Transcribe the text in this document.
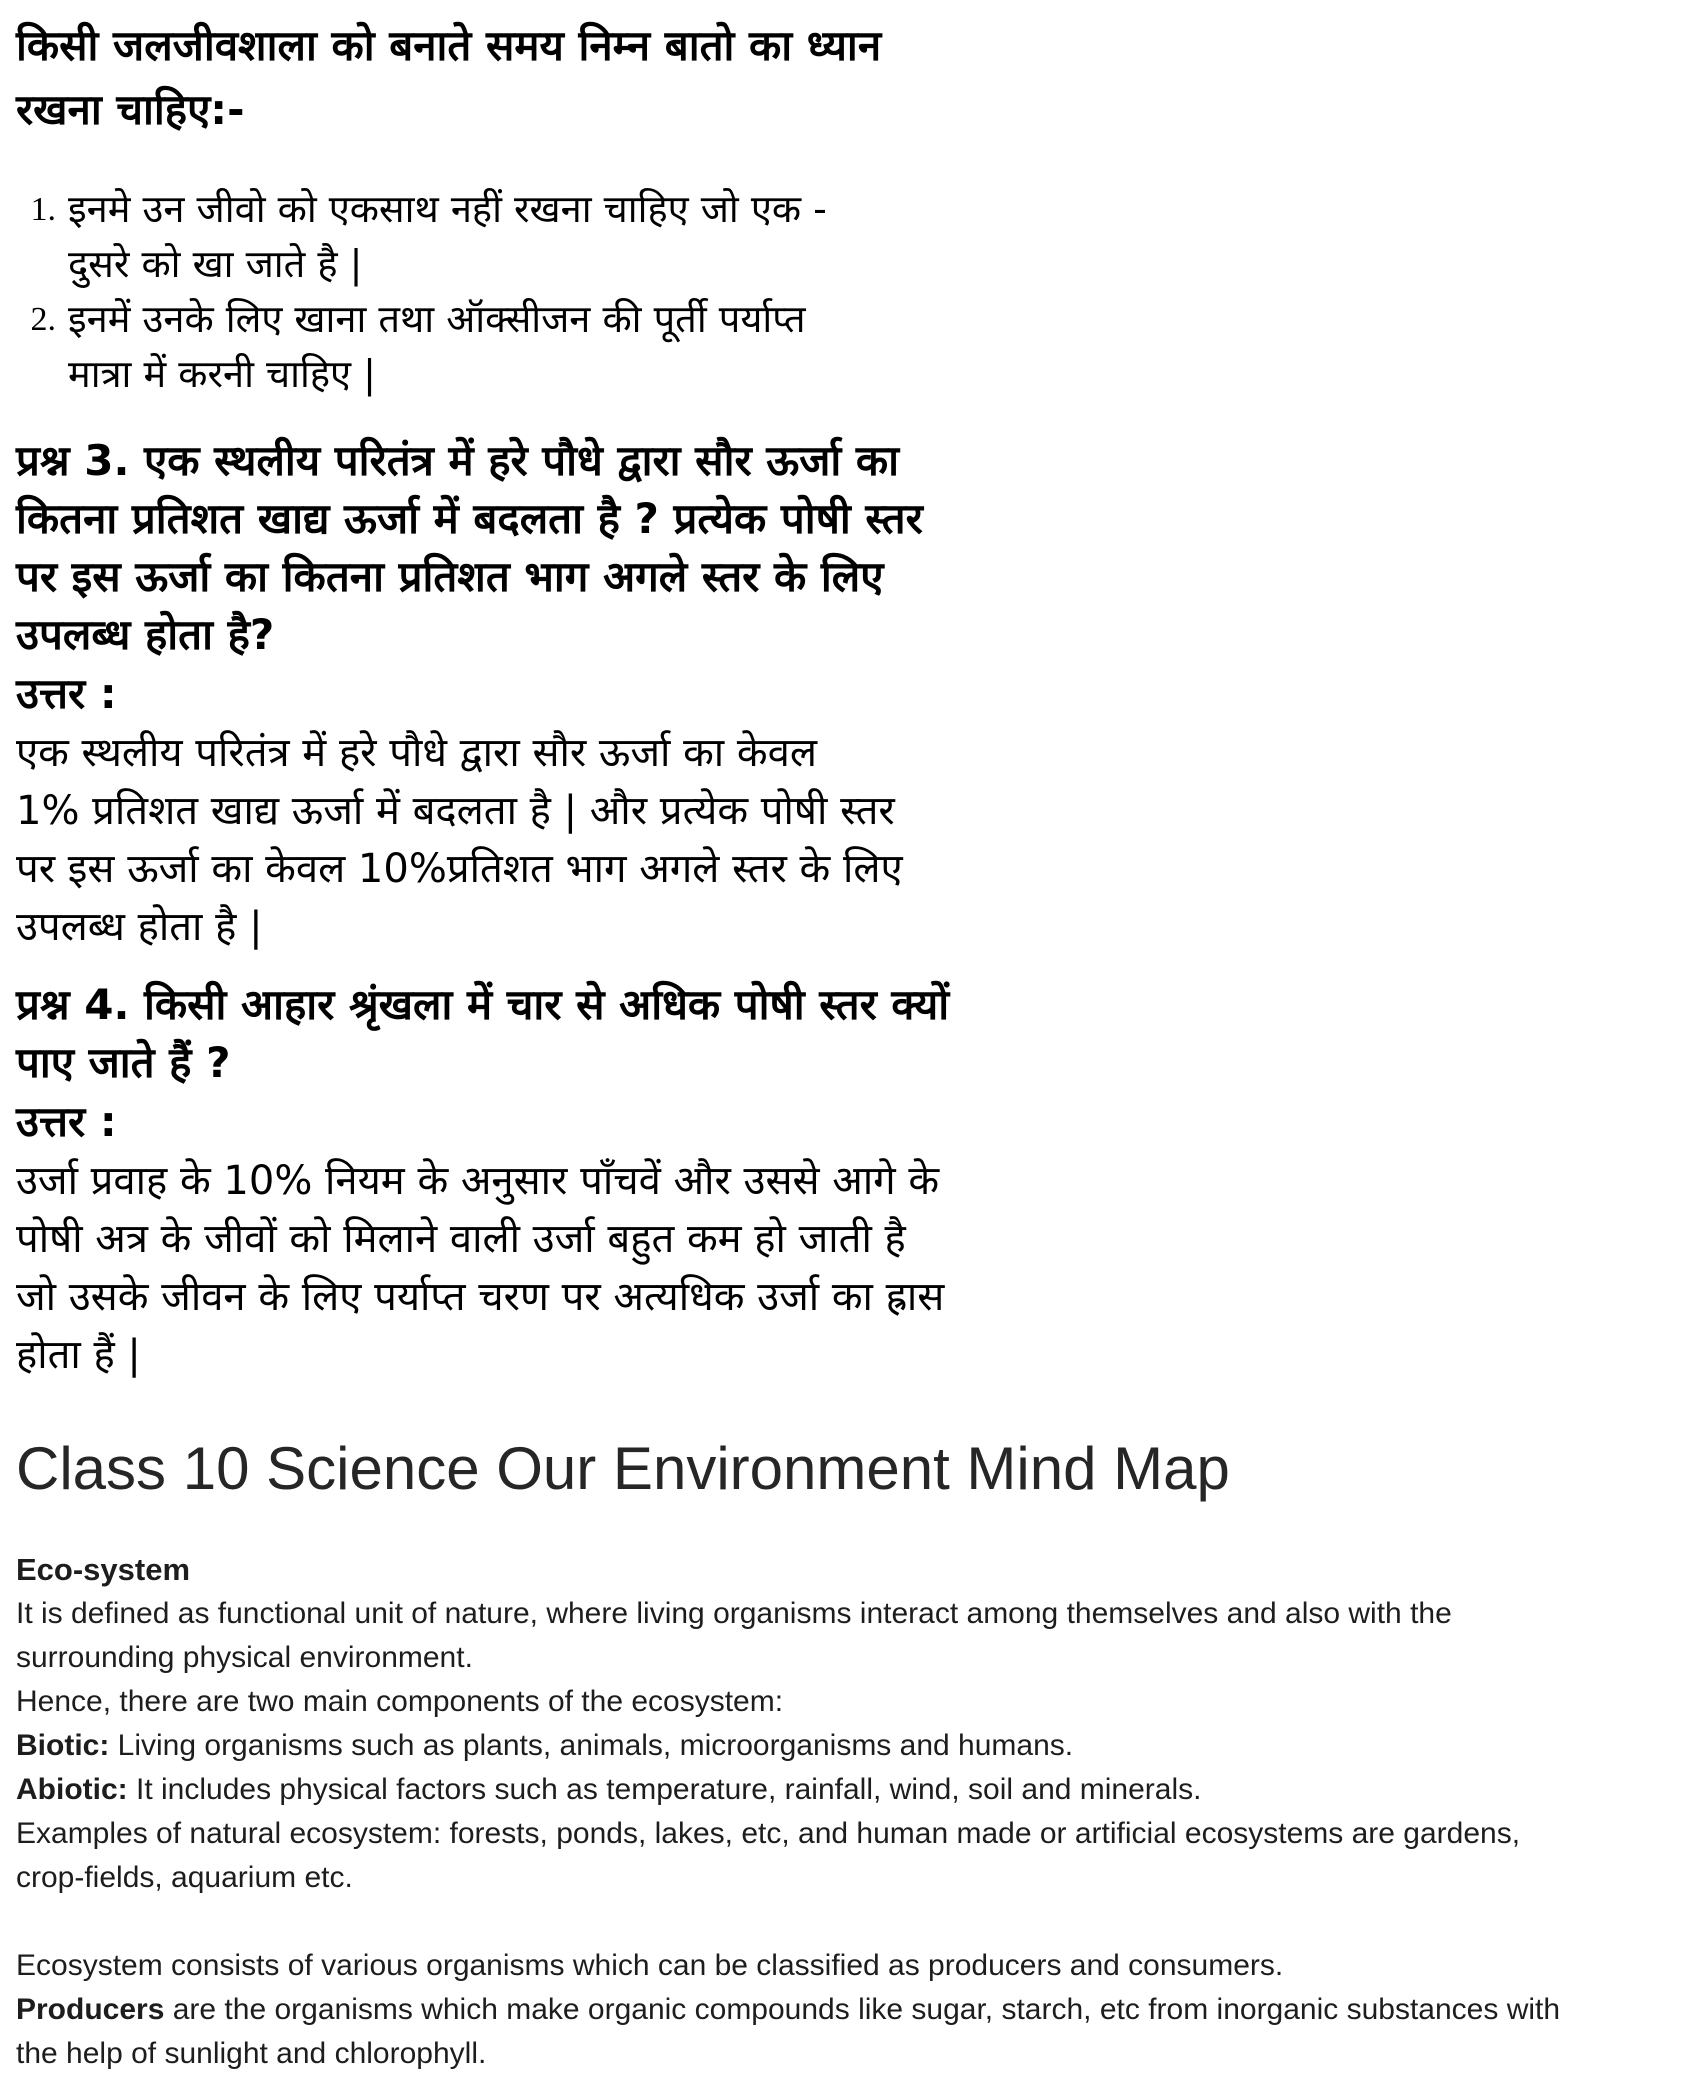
किसी जलजीवशाला को बनाते समय निम्न बातो का ध्यान
रखना चाहिए:-
1. इनमे उन जीवो को एकसाथ नहीं रखना चाहिए जो एक -
दुसरे को खा जाते है |
2. इनमें उनके लिए खाना तथा ऑक्सीजन की पूर्ती पर्याप्त
मात्रा में करनी चाहिए |
प्रश्न 3. एक स्थलीय परितंत्र में हरे पौधे द्वारा सौर ऊर्जा का
कितना प्रतिशत खाद्य ऊर्जा में बदलता है ? प्रत्येक पोषी स्तर
पर इस ऊर्जा का कितना प्रतिशत भाग अगले स्तर के लिए
उपलब्ध होता है?
उत्तर :
एक स्थलीय परितंत्र में हरे पौधे द्वारा सौर ऊर्जा का केवल
1% प्रतिशत खाद्य ऊर्जा में बदलता है | और प्रत्येक पोषी स्तर
पर इस ऊर्जा का केवल 10%प्रतिशत भाग अगले स्तर के लिए
उपलब्ध होता है |
प्रश्न 4. किसी आहार श्रृंखला में चार से अधिक पोषी स्तर क्यों
पाए जाते हैं ?
उत्तर :
उर्जा प्रवाह के 10% नियम के अनुसार पाँचवें और उससे आगे के
पोषी अत्र के जीवों को मिलाने वाली उर्जा बहुत कम हो जाती है
जो उसके जीवन के लिए पर्याप्त चरण पर अत्यधिक उर्जा का ह्रास
होता हैं |
Class 10 Science Our Environment Mind Map
Eco-system
It is defined as functional unit of nature, where living organisms interact among themselves and also with the surrounding physical environment.
Hence, there are two main components of the ecosystem:
Biotic: Living organisms such as plants, animals, microorganisms and humans.
Abiotic: It includes physical factors such as temperature, rainfall, wind, soil and minerals.
Examples of natural ecosystem: forests, ponds, lakes, etc, and human made or artificial ecosystems are gardens, crop-fields, aquarium etc.
Ecosystem consists of various organisms which can be classified as producers and consumers.
Producers are the organisms which make organic compounds like sugar, starch, etc from inorganic substances with the help of sunlight and chlorophyll.
